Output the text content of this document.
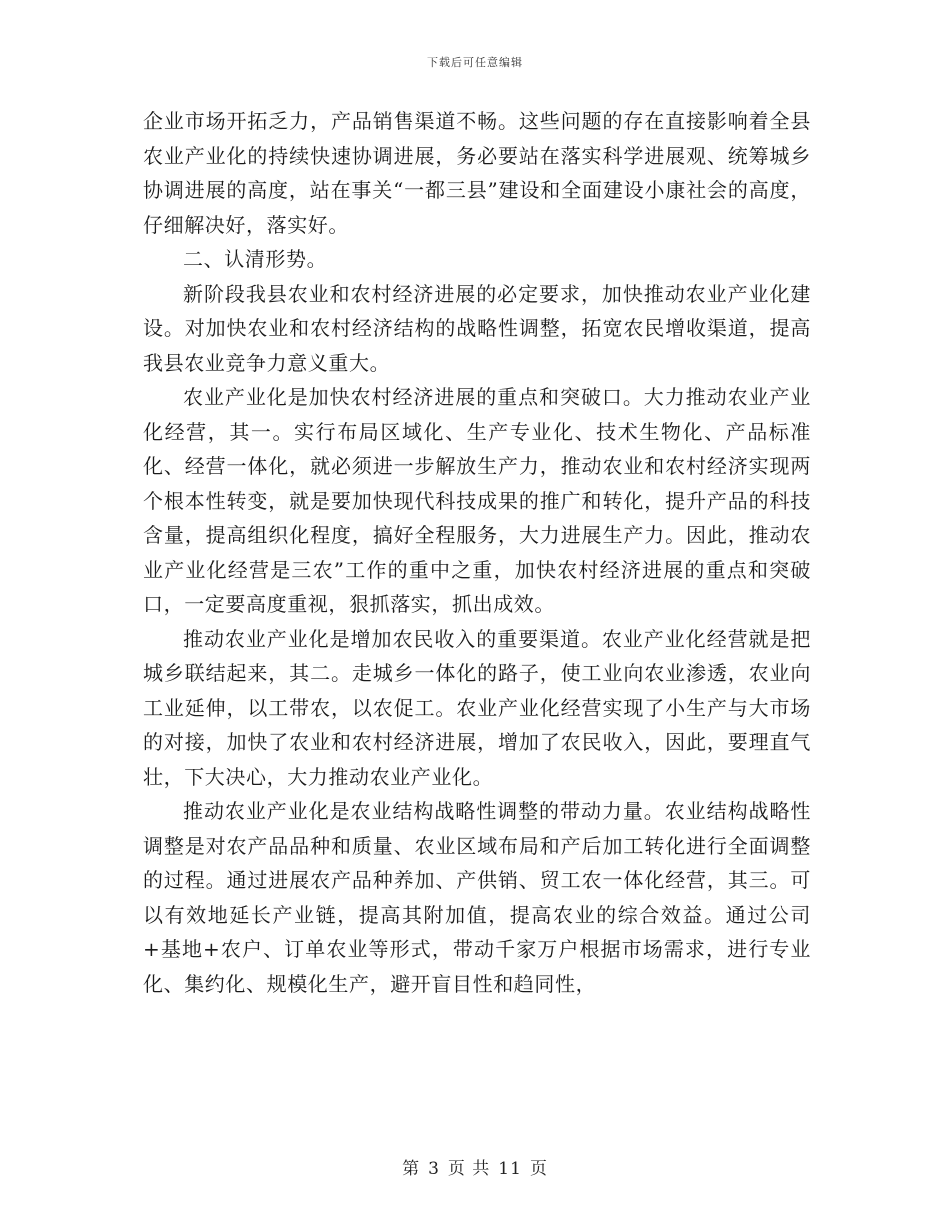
下载后可任意编辑

企业市场开拓乏力，产品销售渠道不畅。这些问题的存在直接影响着全县农业产业化的持续快速协调进展，务必要站在落实科学进展观、统筹城乡协调进展的高度，站在事关“一都三县”建设和全面建设小康社会的高度，仔细解决好，落实好。

二、认清形势。

新阶段我县农业和农村经济进展的必定要求，加快推动农业产业化建设。对加快农业和农村经济结构的战略性调整，拓宽农民增收渠道，提高我县农业竞争力意义重大。

农业产业化是加快农村经济进展的重点和突破口。大力推动农业产业化经营，其一。实行布局区域化、生产专业化、技术生物化、产品标准化、经营一体化，就必须进一步解放生产力，推动农业和农村经济实现两个根本性转变，就是要加快现代科技成果的推广和转化，提升产品的科技含量，提高组织化程度，搞好全程服务，大力进展生产力。因此，推动农业产业化经营是三农”工作的重中之重，加快农村经济进展的重点和突破口，一定要高度重视，狠抓落实，抓出成效。

推动农业产业化是增加农民收入的重要渠道。农业产业化经营就是把城乡联结起来，其二。走城乡一体化的路子，使工业向农业渗透，农业向工业延伸，以工带农，以农促工。农业产业化经营实现了小生产与大市场的对接，加快了农业和农村经济进展，增加了农民收入，因此，要理直气壮，下大决心，大力推动农业产业化。

推动农业产业化是农业结构战略性调整的带动力量。农业结构战略性调整是对农产品品种和质量、农业区域布局和产后加工转化进行全面调整的过程。通过进展农产品种养加、产供销、贸工农一体化经营，其三。可以有效地延长产业链，提高其附加值，提高农业的综合效益。通过公司+基地+农户、订单农业等形式，带动千家万户根据市场需求，进行专业化、集约化、规模化生产，避开盲目性和趋同性，

第 3 页 共 11 页
